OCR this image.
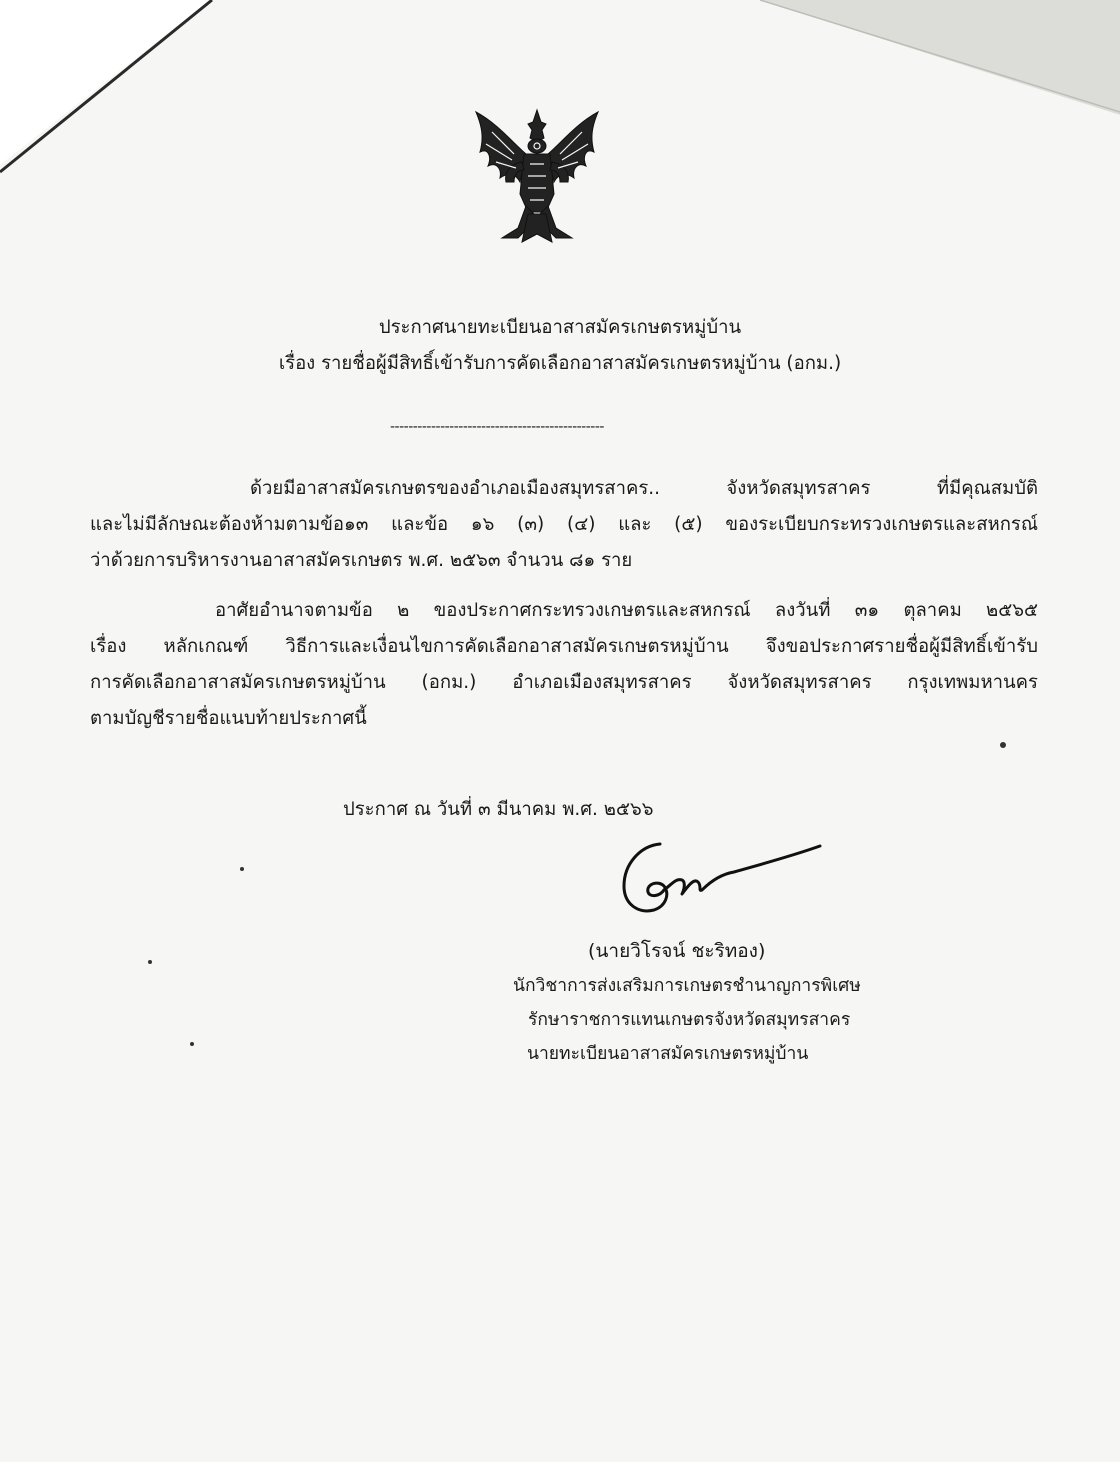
ประกาศนายทะเบียนอาสาสมัครเกษตรหมู่บ้าน
เรื่อง รายชื่อผู้มีสิทธิ์เข้ารับการคัดเลือกอาสาสมัครเกษตรหมู่บ้าน (อกม.)
-----------------------------------------------
ด้วยมีอาสาสมัครเกษตรของอำเภอเมืองสมุทรสาคร.. จังหวัดสมุทรสาคร ที่มีคุณสมบัติ
และไม่มีลักษณะต้องห้ามตามข้อ๑๓ และข้อ ๑๖ (๓) (๔) และ (๕) ของระเบียบกระทรวงเกษตรและสหกรณ์
ว่าด้วยการบริหารงานอาสาสมัครเกษตร พ.ศ. ๒๕๖๓ จำนวน ๘๑ ราย
อาศัยอำนาจตามข้อ ๒ ของประกาศกระทรวงเกษตรและสหกรณ์ ลงวันที่ ๓๑ ตุลาคม ๒๕๖๕
เรื่อง หลักเกณฑ์ วิธีการและเงื่อนไขการคัดเลือกอาสาสมัครเกษตรหมู่บ้าน จึงขอประกาศรายชื่อผู้มีสิทธิ์เข้ารับ
การคัดเลือกอาสาสมัครเกษตรหมู่บ้าน (อกม.) อำเภอเมืองสมุทรสาคร จังหวัดสมุทรสาคร กรุงเทพมหานคร
ตามบัญชีรายชื่อแนบท้ายประกาศนี้
ประกาศ ณ วันที่ ๓ มีนาคม พ.ศ. ๒๕๖๖
(นายวิโรจน์ ชะริทอง)
นักวิชาการส่งเสริมการเกษตรชำนาญการพิเศษ
รักษาราชการแทนเกษตรจังหวัดสมุทรสาคร
นายทะเบียนอาสาสมัครเกษตรหมู่บ้าน
